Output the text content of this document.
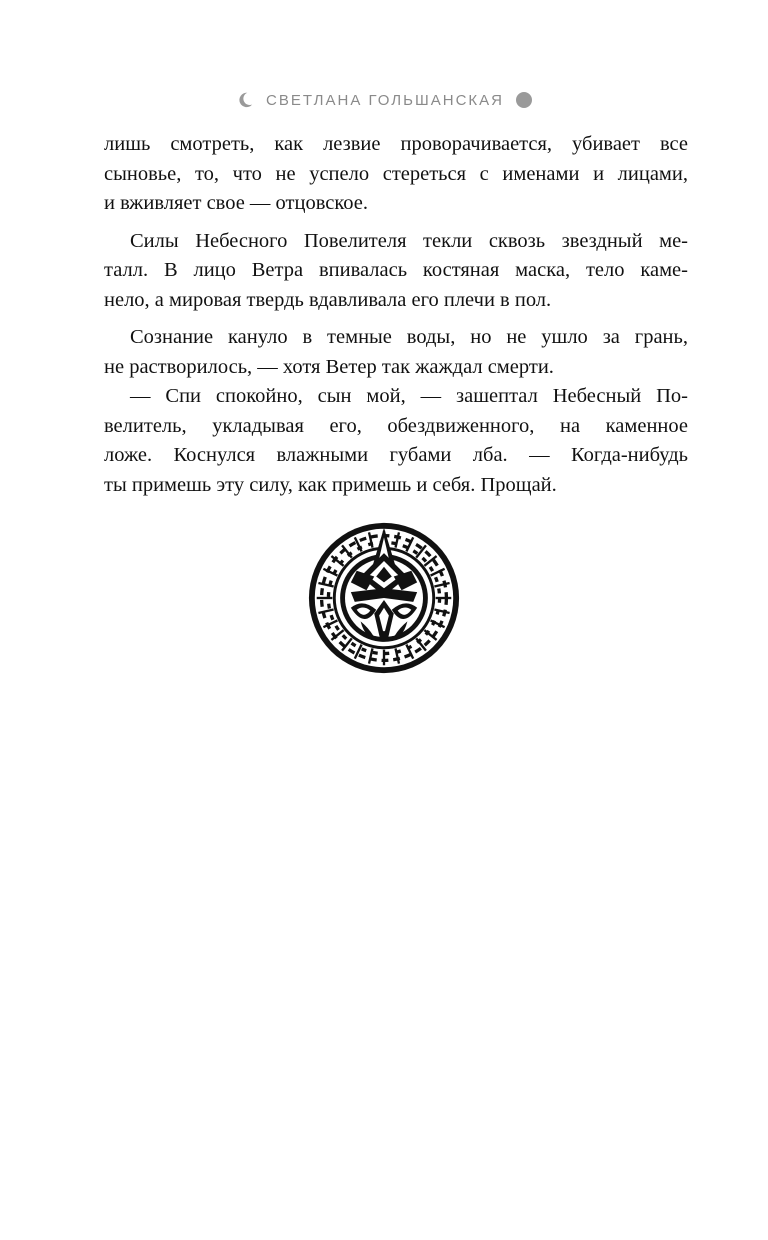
СВЕТЛАНА ГОЛЬШАНСКАЯ

лишь смотреть, как лезвие проворачивается, убивает все
сыновье, то, что не успело стереться с именами и лицами,
и вживляет свое — отцовское.

Силы Небесного Повелителя текли сквозь звездный ме-
талл. В лицо Ветра впивалась костяная маска, тело каме-
нело, а мировая твердь вдавливала его плечи в пол.

Сознание кануло в темные воды, но не ушло за грань,
не растворилось, — хотя Ветер так жаждал смерти.

— Спи спокойно, сын мой, — зашептал Небесный По-
велитель, укладывая его, обездвиженного, на каменное
ложе. Коснулся влажными губами лба. — Когда-нибудь
ты примешь эту силу, как примешь и себя. Прощай.
